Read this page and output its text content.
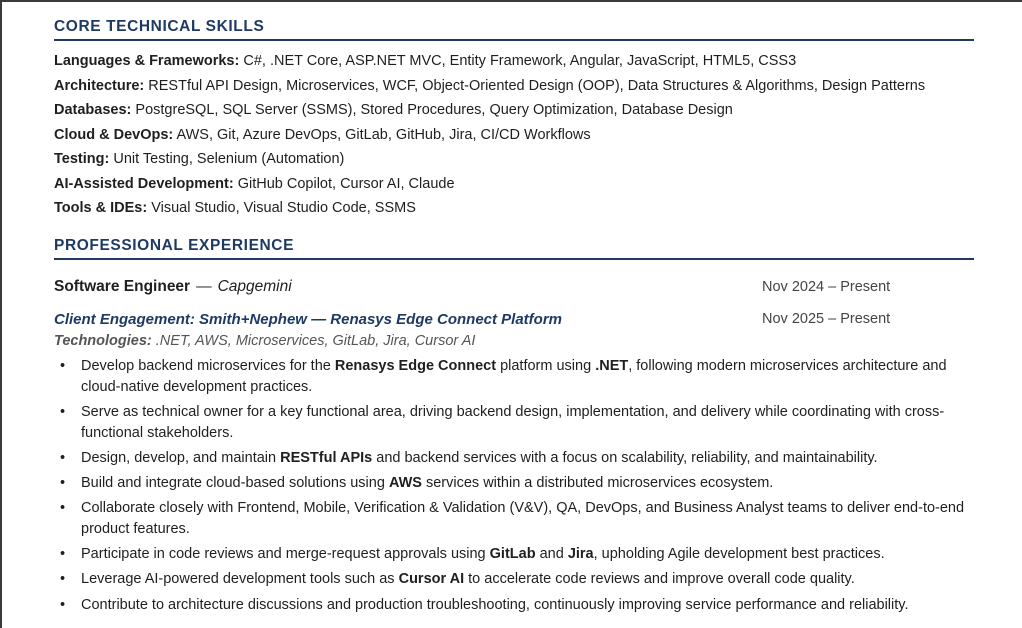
CORE TECHNICAL SKILLS
Languages & Frameworks: C#, .NET Core, ASP.NET MVC, Entity Framework, Angular, JavaScript, HTML5, CSS3
Architecture: RESTful API Design, Microservices, WCF, Object-Oriented Design (OOP), Data Structures & Algorithms, Design Patterns
Databases: PostgreSQL, SQL Server (SSMS), Stored Procedures, Query Optimization, Database Design
Cloud & DevOps: AWS, Git, Azure DevOps, GitLab, GitHub, Jira, CI/CD Workflows
Testing: Unit Testing, Selenium (Automation)
AI-Assisted Development: GitHub Copilot, Cursor AI, Claude
Tools & IDEs: Visual Studio, Visual Studio Code, SSMS
PROFESSIONAL EXPERIENCE
Software Engineer — Capgemini	Nov 2024 – Present
Client Engagement: Smith+Nephew — Renasys Edge Connect Platform	Nov 2025 – Present
Technologies: .NET, AWS, Microservices, GitLab, Jira, Cursor AI
• Develop backend microservices for the Renasys Edge Connect platform using .NET, following modern microservices architecture and cloud-native development practices.
• Serve as technical owner for a key functional area, driving backend design, implementation, and delivery while coordinating with cross-functional stakeholders.
• Design, develop, and maintain RESTful APIs and backend services with a focus on scalability, reliability, and maintainability.
• Build and integrate cloud-based solutions using AWS services within a distributed microservices ecosystem.
• Collaborate closely with Frontend, Mobile, Verification & Validation (V&V), QA, DevOps, and Business Analyst teams to deliver end-to-end product features.
• Participate in code reviews and merge-request approvals using GitLab and Jira, upholding Agile development best practices.
• Leverage AI-powered development tools such as Cursor AI to accelerate code reviews and improve overall code quality.
• Contribute to architecture discussions and production troubleshooting, continuously improving service performance and reliability.
